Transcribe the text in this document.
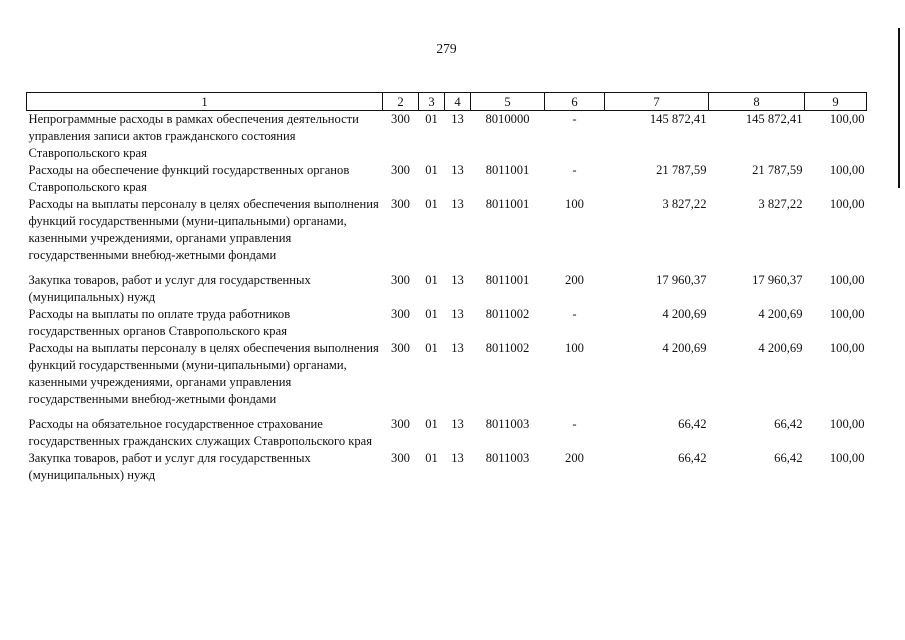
279
1	2	3	4	5	6	7	8	9
Непрограммные расходы в рамках обеспечения деятельности управления записи актов гражданского состояния Ставропольского края	300	01	13	8010000	-	145 872,41	145 872,41	100,00
Расходы на обеспечение функций государственных органов Ставропольского края	300	01	13	8011001	-	21 787,59	21 787,59	100,00
Расходы на выплаты персоналу в целях обеспечения выполнения функций государственными (муни-ципальными) органами, казенными учреждениями, органами управления государственными внебюд-жетными фондами	300	01	13	8011001	100	3 827,22	3 827,22	100,00

Закупка товаров, работ и услуг для государственных (муниципальных) нужд	300	01	13	8011001	200	17 960,37	17 960,37	100,00
Расходы на выплаты по оплате труда работников государственных органов Ставропольского края	300	01	13	8011002	-	4 200,69	4 200,69	100,00
Расходы на выплаты персоналу в целях обеспечения выполнения функций государственными (муни-ципальными) органами, казенными учреждениями, органами управления государственными внебюд-жетными фондами	300	01	13	8011002	100	4 200,69	4 200,69	100,00

Расходы на обязательное государственное страхование государственных гражданских служащих Ставропольского края	300	01	13	8011003	-	66,42	66,42	100,00
Закупка товаров, работ и услуг для государственных (муниципальных) нужд	300	01	13	8011003	200	66,42	66,42	100,00
